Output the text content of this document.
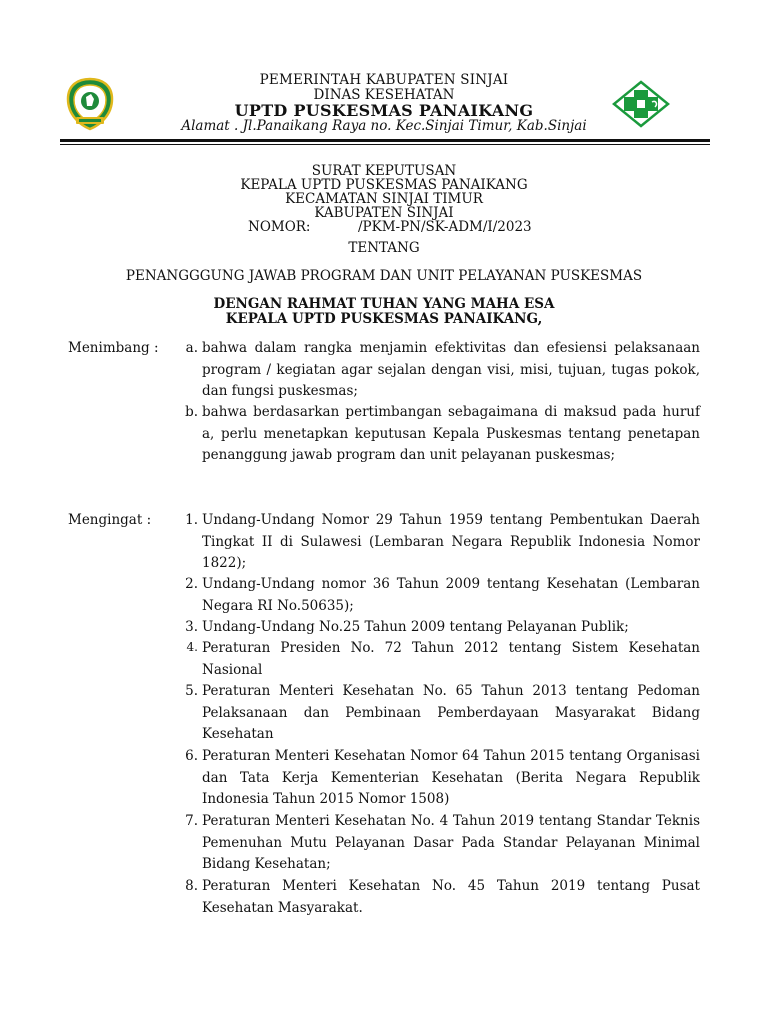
PEMERINTAH KABUPATEN SINJAI
DINAS KESEHATAN
UPTD PUSKESMAS PANAIKANG
Alamat . Jl.Panaikang Raya no. Kec.Sinjai Timur, Kab.Sinjai
SURAT KEPUTUSAN
KEPALA UPTD PUSKESMAS PANAIKANG
KECAMATAN SINJAI TIMUR
KABUPATEN SINJAI
NOMOR:	/PKM-PN/SK-ADM/I/2023
TENTANG
PENANGGGUNG JAWAB PROGRAM DAN UNIT PELAYANAN PUSKESMAS
DENGAN RAHMAT TUHAN YANG MAHA ESA
KEPALA UPTD PUSKESMAS PANAIKANG,
Menimbang :	a. bahwa dalam rangka menjamin efektivitas dan efesiensi pelaksanaan program / kegiatan agar sejalan dengan visi, misi, tujuan, tugas pokok, dan fungsi puskesmas;
b. bahwa berdasarkan pertimbangan sebagaimana di maksud pada huruf a, perlu menetapkan keputusan Kepala Puskesmas tentang penetapan penanggung jawab program dan unit pelayanan puskesmas;
Mengingat :	1. Undang-Undang Nomor 29 Tahun 1959 tentang Pembentukan Daerah Tingkat II di Sulawesi (Lembaran Negara Republik Indonesia Nomor 1822);
2. Undang-Undang nomor 36 Tahun 2009 tentang Kesehatan (Lembaran Negara RI No.50635);
3. Undang-Undang No.25 Tahun 2009 tentang Pelayanan Publik;
4. Peraturan Presiden No. 72 Tahun 2012 tentang Sistem Kesehatan Nasional
5. Peraturan Menteri Kesehatan No. 65 Tahun 2013 tentang Pedoman Pelaksanaan dan Pembinaan Pemberdayaan Masyarakat Bidang Kesehatan
6. Peraturan Menteri Kesehatan Nomor 64 Tahun 2015 tentang Organisasi dan Tata Kerja Kementerian Kesehatan (Berita Negara Republik Indonesia Tahun 2015 Nomor 1508)
7. Peraturan Menteri Kesehatan No. 4 Tahun 2019 tentang Standar Teknis Pemenuhan Mutu Pelayanan Dasar Pada Standar Pelayanan Minimal Bidang Kesehatan;
8. Peraturan Menteri Kesehatan No. 45 Tahun 2019 tentang Pusat Kesehatan Masyarakat.
